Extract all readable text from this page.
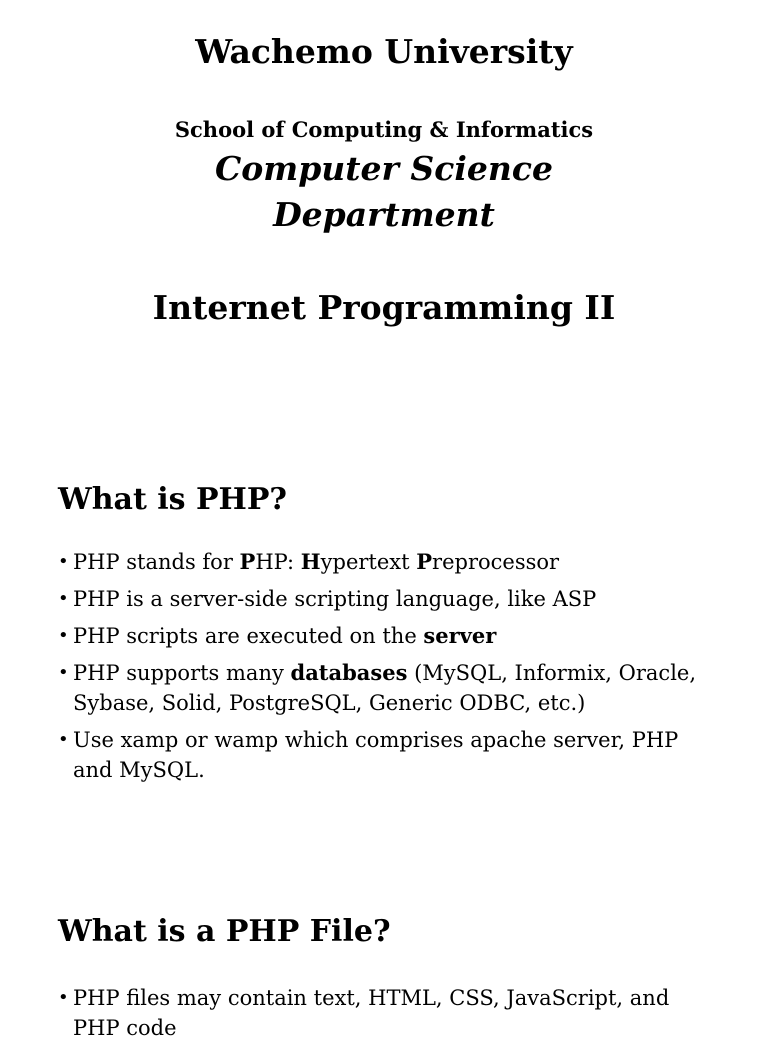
Wachemo University
School of Computing & Informatics
Computer Science
Department
Internet Programming II
What is PHP?
• PHP stands for PHP: Hypertext Preprocessor
• PHP is a server-side scripting language, like ASP
• PHP scripts are executed on the server
• PHP supports many databases (MySQL, Informix, Oracle, Sybase, Solid, PostgreSQL, Generic ODBC, etc.)
• Use xamp or wamp which comprises apache server, PHP and MySQL.
What is a PHP File?
• PHP files may contain text, HTML, CSS, JavaScript, and PHP code
